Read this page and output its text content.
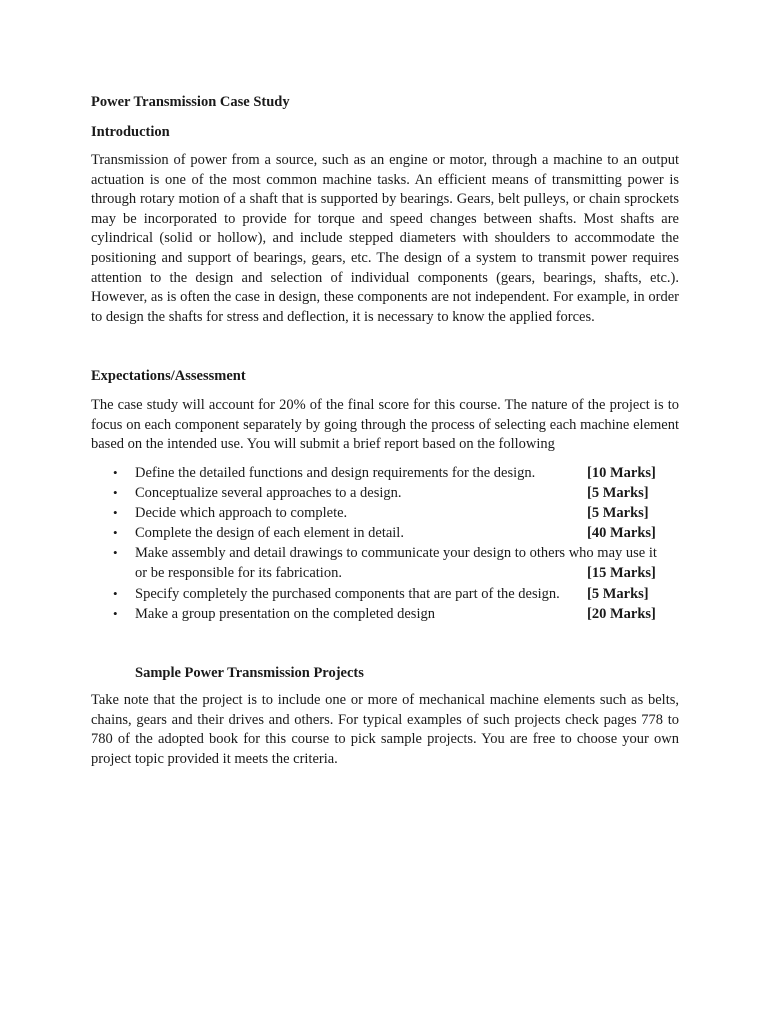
Power Transmission Case Study
Introduction

Transmission of power from a source, such as an engine or motor, through a machine to an output actuation is one of the most common machine tasks. An efficient means of transmitting power is through rotary motion of a shaft that is supported by bearings. Gears, belt pulleys, or chain sprockets may be incorporated to provide for torque and speed changes between shafts. Most shafts are cylindrical (solid or hollow), and include stepped diameters with shoulders to accommodate the positioning and support of bearings, gears, etc. The design of a system to transmit power requires attention to the design and selection of individual components (gears, bearings, shafts, etc.). However, as is often the case in design, these components are not independent. For example, in order to design the shafts for stress and deflection, it is necessary to know the applied forces.

Expectations/Assessment

The case study will account for 20% of the final score for this course. The nature of the project is to focus on each component separately by going through the process of selecting each machine element based on the intended use. You will submit a brief report based on the following

• Define the detailed functions and design requirements for the design.	[10 Marks]
• Conceptualize several approaches to a design.	[5 Marks]
• Decide which approach to complete.	[5 Marks]
• Complete the design of each element in detail.	[40 Marks]
• Make assembly and detail drawings to communicate your design to others who may use it
or be responsible for its fabrication.	[15 Marks]
• Specify completely the purchased components that are part of the design.	[5 Marks]
• Make a group presentation on the completed design	[20 Marks]
Sample Power Transmission Projects

Take note that the project is to include one or more of mechanical machine elements such as belts, chains, gears and their drives and others. For typical examples of such projects check pages 778 to 780 of the adopted book for this course to pick sample projects. You are free to choose your own project topic provided it meets the criteria.
